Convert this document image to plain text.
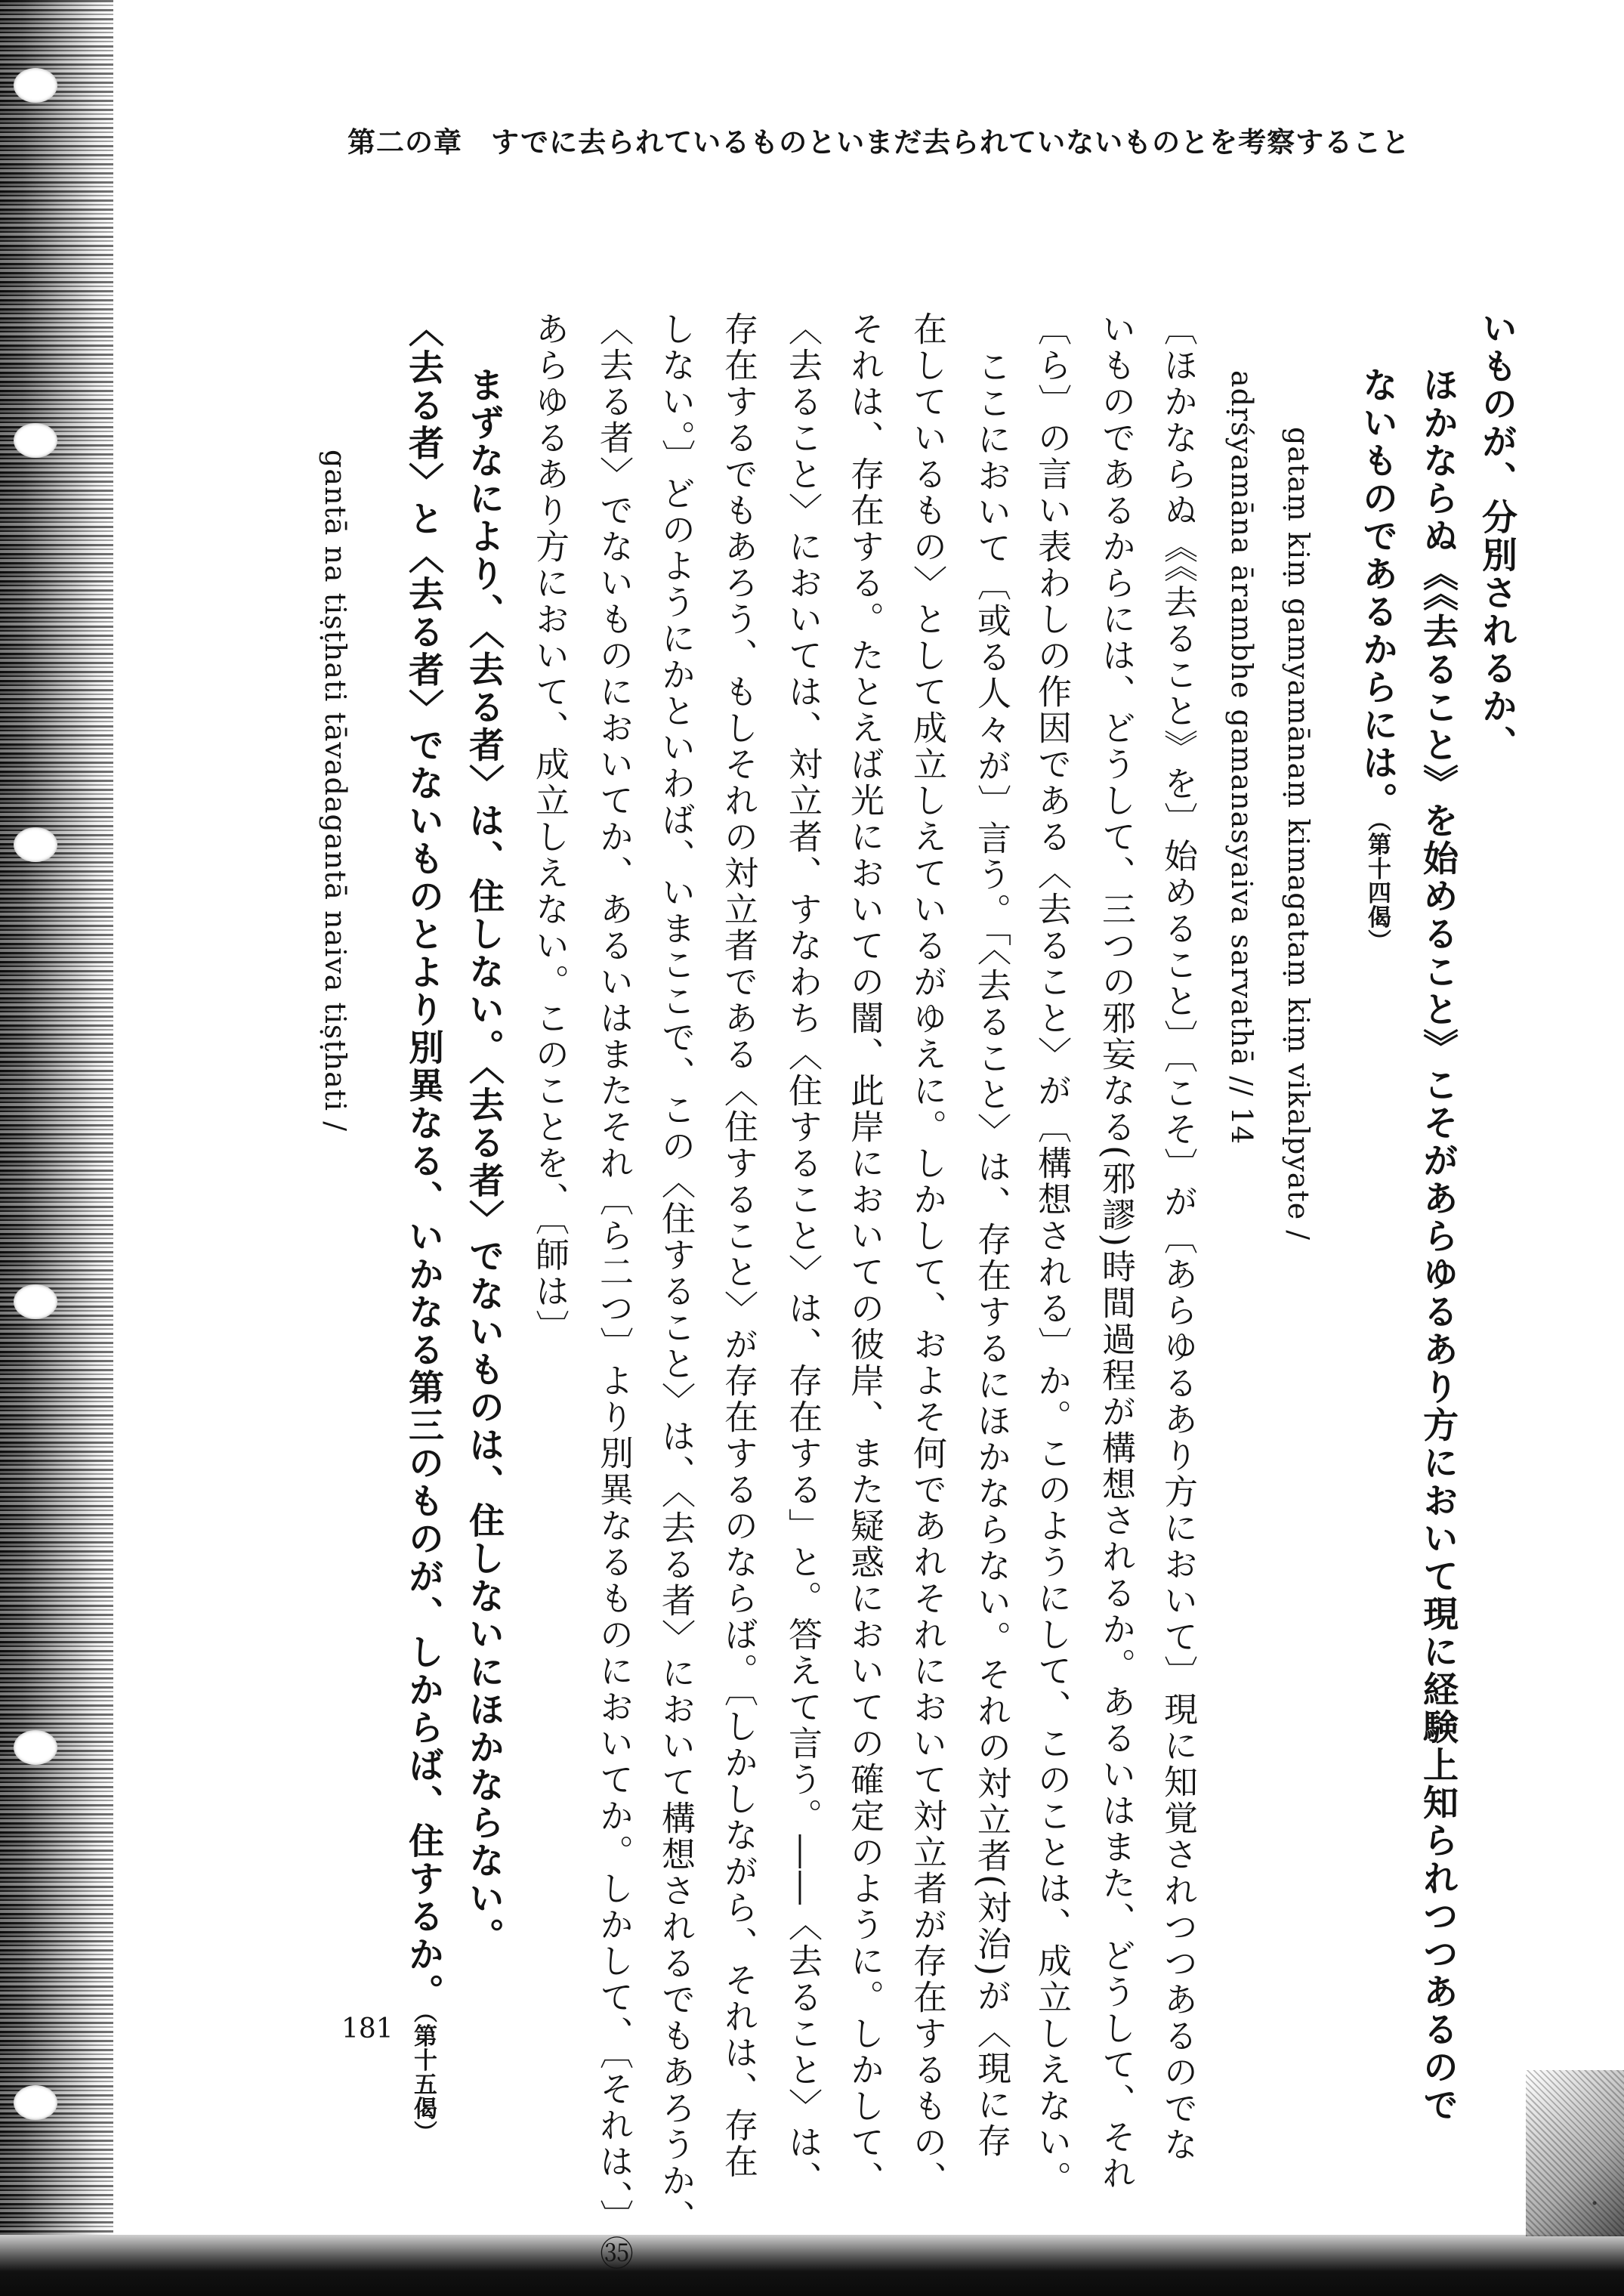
第二の章　すでに去られているものといまだ去られていないものとを考察すること
いものが、分別されるか、
ほかならぬ《《去ること》を始めること》こそがあらゆるあり方において現に経験上知られつつあるので
ないものであるからには。（第十四偈）
gataṃ kiṃ gamyamānaṃ kimagataṃ kiṃ vikalpyate /
adṛśyamāna ārambhe gamanasyaiva sarvathā // 14
〔ほかならぬ《《去ること》を〕始めること〕〔こそ〕が〔あらゆるあり方において〕現に知覚されつつあるのでな
いものであるからには、どうして、三つの邪妄なる(邪謬)時間過程が構想されるか。あるいはまた、どうして、それ
〔ら〕の言い表わしの作因である〈去ること〉が〔構想される〕か。このようにして、このことは、成立しえない。
ここにおいて〔或る人々が〕言う。「〈去ること〉は、存在するにほかならない。それの対立者(対治)が〈現に存
在しているもの〉として成立しえているがゆえに。しかして、およそ何であれそれにおいて対立者が存在するもの、
それは、存在する。たとえば光においての闇、此岸においての彼岸、また疑惑においての確定のように。しかして、
〈去ること〉においては、対立者、すなわち〈住すること〉は、存在する」と。答えて言う。――〈去ること〉は、
存在するでもあろう、もしそれの対立者である〈住すること〉が存在するのならば。〔しかしながら、それは、存在
しない。〕どのようにかといわば、いまここで、この〈住すること〉は、〈去る者〉において構想されるでもあろうか、
〈去る者〉でないものにおいてか、あるいはまたそれ〔ら二つ〕より別異なるものにおいてか。しかして、〔それは、〕㉟
あらゆるあり方において、成立しえない。このことを、〔師は〕
まずなにより、〈去る者〉は、住しない。〈去る者〉でないものは、住しないにほかならない。
〈去る者〉と〈去る者〉でないものとより別異なる、いかなる第三のものが、しからば、住するか。（第十五偈）
gantā na tiṣṭhati tāvadagantā naiva tiṣṭhati /
181
